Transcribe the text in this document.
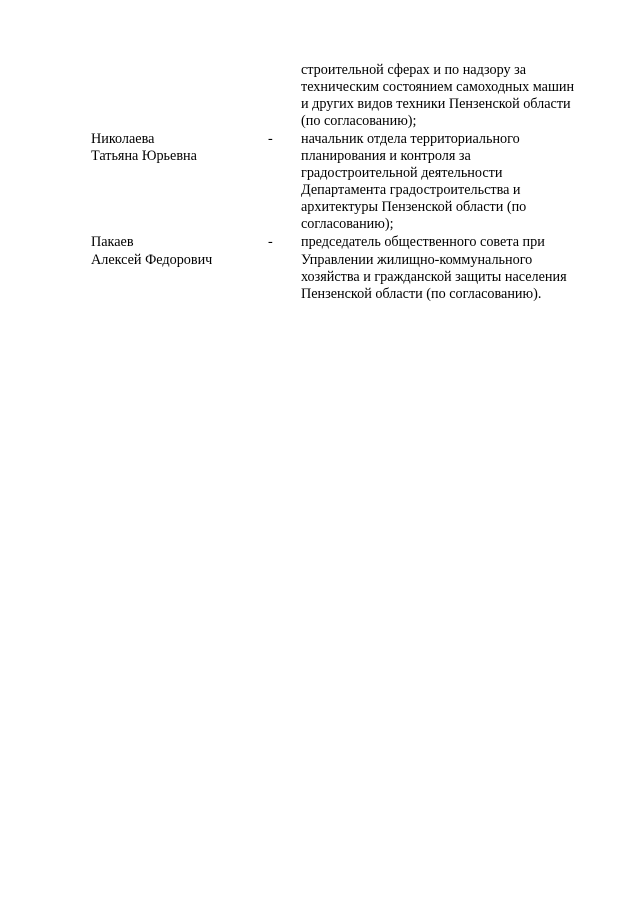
строительной сферах и по надзору за
техническим состоянием самоходных машин
и других видов техники Пензенской области
(по согласованию);
Николаева
Татьяна Юрьевна
- начальник отдела территориального
планирования и контроля за
градостроительной деятельности
Департамента градостроительства и
архитектуры Пензенской области (по
согласованию);
Пакаев
Алексей Федорович
- председатель общественного совета при
Управлении жилищно-коммунального
хозяйства и гражданской защиты населения
Пензенской области (по согласованию).
